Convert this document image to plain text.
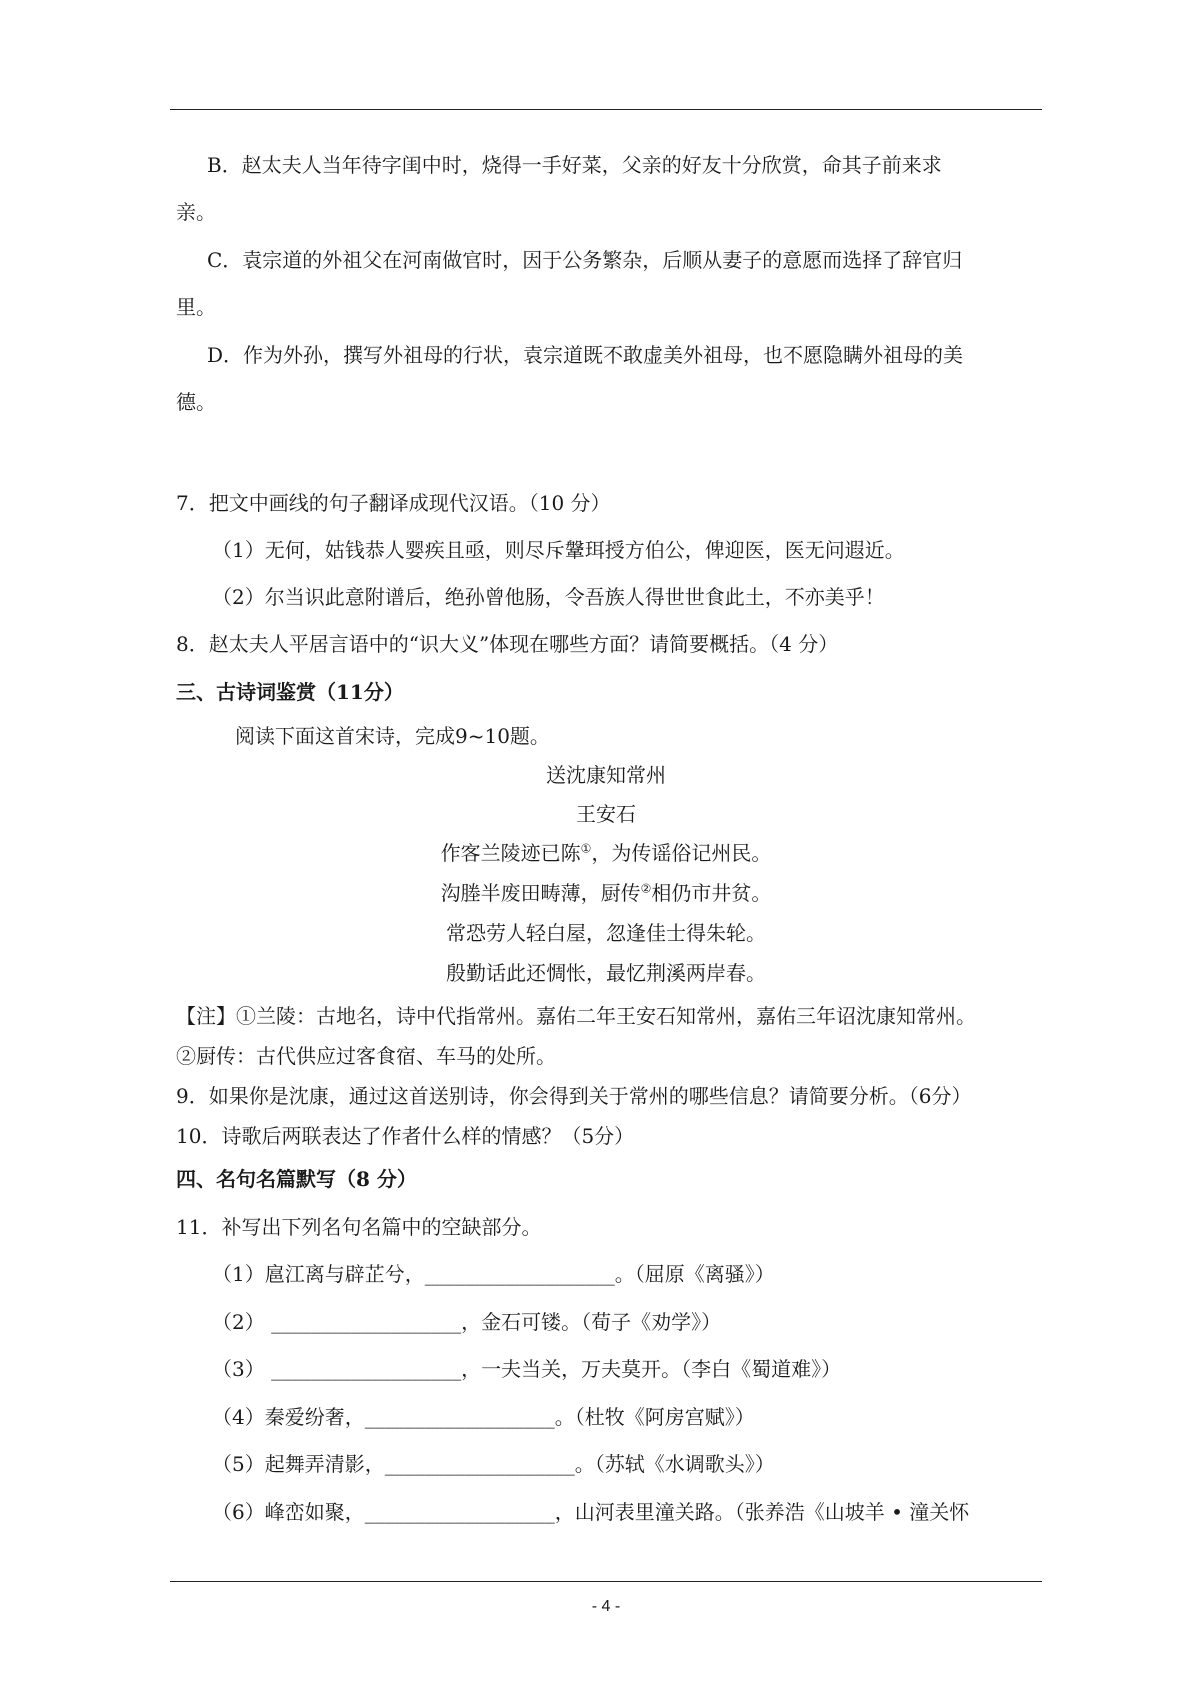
B．赵太夫人当年待字闺中时，烧得一手好菜，父亲的好友十分欣赏，命其子前来求
亲。
C．袁宗道的外祖父在河南做官时，因于公务繁杂，后顺从妻子的意愿而选择了辞官归
里。
D．作为外孙，撰写外祖母的行状，袁宗道既不敢虚美外祖母，也不愿隐瞒外祖母的美
德。
7．把文中画线的句子翻译成现代汉语。（10 分）
（1）无何，姑钱恭人婴疾且亟，则尽斥鞶珥授方伯公，俾迎医，医无问遐近。
（2）尔当识此意附谱后，绝孙曾他肠，令吾族人得世世食此土，不亦美乎！
8．赵太夫人平居言语中的“识大义”体现在哪些方面？请简要概括。（4 分）
三、古诗词鉴赏（11分）
阅读下面这首宋诗，完成9~10题。
送沈康知常州
王安石
作客兰陵迹已陈①，为传谣俗记州民。
沟塍半废田畴薄，厨传②相仍市井贫。
常恐劳人轻白屋，忽逢佳士得朱轮。
殷勤话此还惆怅，最忆荆溪两岸春。
【注】①兰陵：古地名，诗中代指常州。嘉佑二年王安石知常州，嘉佑三年诏沈康知常州。
②厨传：古代供应过客食宿、车马的处所。
9．如果你是沈康，通过这首送别诗，你会得到关于常州的哪些信息？请简要分析。（6分）
10．诗歌后两联表达了作者什么样的情感？（5分）
四、名句名篇默写（8 分）
11．补写出下列名句名篇中的空缺部分。
（1）扈江离与辟芷兮，___________________。（屈原《离骚》）
（2） ___________________，金石可镂。（荀子《劝学》）
（3） ___________________，一夫当关，万夫莫开。（李白《蜀道难》）
（4）秦爱纷奢，___________________。（杜牧《阿房宫赋》）
（5）起舞弄清影，___________________。（苏轼《水调歌头》）
（6）峰峦如聚，___________________，山河表里潼关路。（张养浩《山坡羊 • 潼关怀
- 4 -
